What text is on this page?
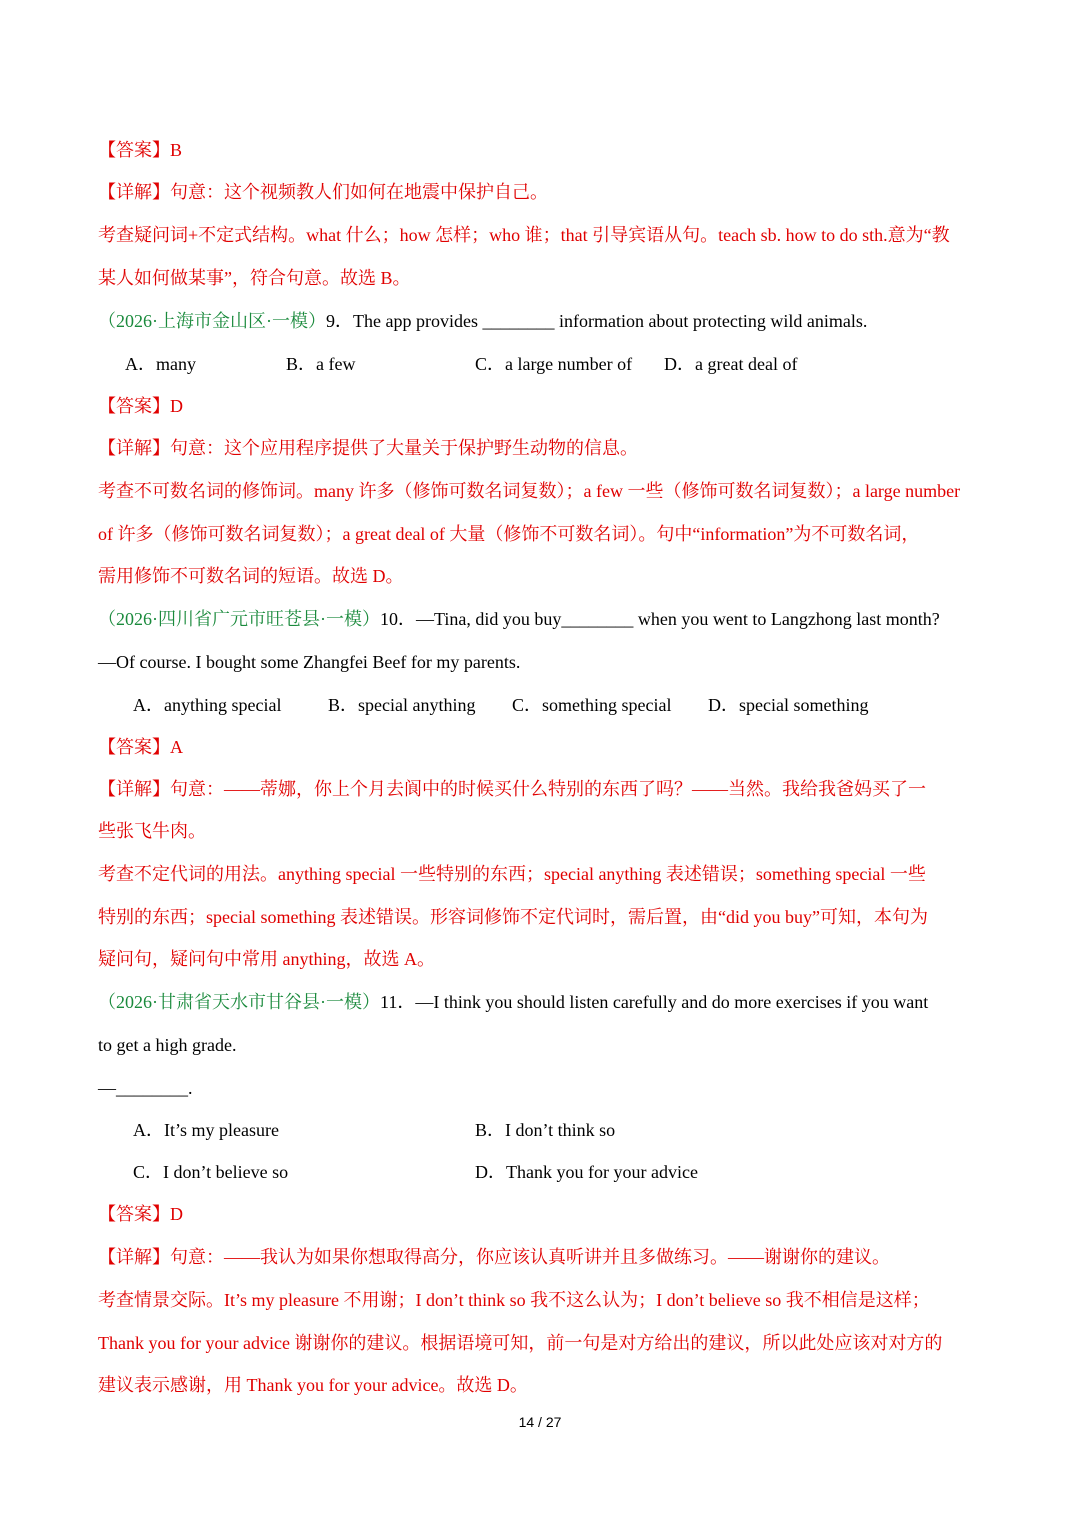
【答案】B
【详解】句意：这个视频教人们如何在地震中保护自己。
考查疑问词+不定式结构。what 什么；how 怎样；who 谁；that 引导宾语从句。teach sb. how to do sth.意为“教
某人如何做某事”，符合句意。故选 B。
（2026·上海市金山区·一模）9．The app provides ________ information about protecting wild animals.
A．many	B．a few	C．a large number of D．a great deal of
【答案】D
【详解】句意：这个应用程序提供了大量关于保护野生动物的信息。
考查不可数名词的修饰词。many 许多（修饰可数名词复数）；a few 一些（修饰可数名词复数）；a large number
of 许多（修饰可数名词复数）；a great deal of 大量（修饰不可数名词）。句中“information”为不可数名词，
需用修饰不可数名词的短语。故选 D。
（2026·四川省广元市旺苍县·一模）10．—Tina, did you buy________ when you went to Langzhong last month?
—Of course. I bought some Zhangfei Beef for my parents.
A．anything special	B．special anything C．something special D．special something
【答案】A
【详解】句意：——蒂娜，你上个月去阆中的时候买什么特别的东西了吗？——当然。我给我爸妈买了一
些张飞牛肉。
考查不定代词的用法。anything special 一些特别的东西；special anything 表述错误；something special 一些
特别的东西；special something 表述错误。形容词修饰不定代词时，需后置，由“did you buy”可知，本句为
疑问句，疑问句中常用 anything，故选 A。
（2026·甘肃省天水市甘谷县·一模）11．—I think you should listen carefully and do more exercises if you want
to get a high grade.
—________.
A．It’s my pleasure	B．I don’t think so
C．I don’t believe so	D．Thank you for your advice
【答案】D
【详解】句意：——我认为如果你想取得高分，你应该认真听讲并且多做练习。——谢谢你的建议。
考查情景交际。It’s my pleasure 不用谢；I don’t think so 我不这么认为；I don’t believe so 我不相信是这样；
Thank you for your advice 谢谢你的建议。根据语境可知，前一句是对方给出的建议，所以此处应该对对方的
建议表示感谢，用 Thank you for your advice。故选 D。
14 / 27
